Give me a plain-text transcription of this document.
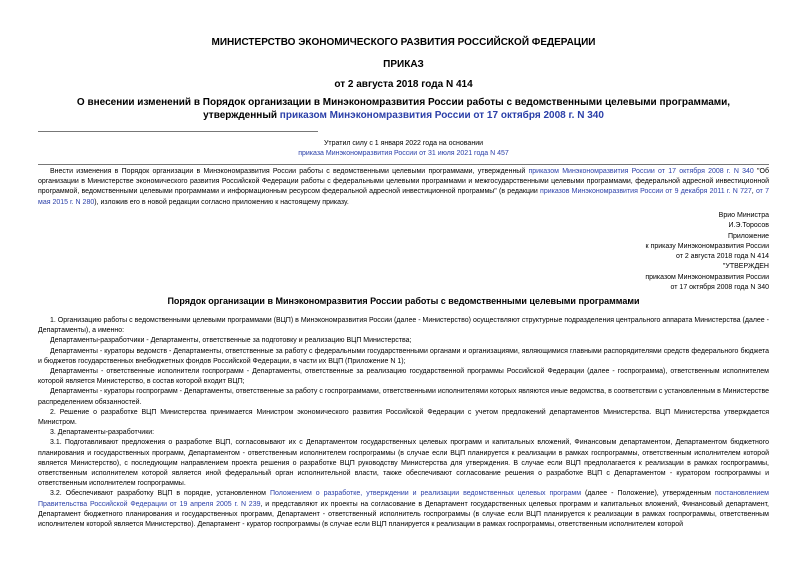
МИНИСТЕРСТВО ЭКОНОМИЧЕСКОГО РАЗВИТИЯ РОССИЙСКОЙ ФЕДЕРАЦИИ
ПРИКАЗ
от 2 августа 2018 года N 414
О внесении изменений в Порядок организации в Минэкономразвития России работы с ведомственными целевыми программами, утвержденный приказом Минэкономразвития России от 17 октября 2008 г. N 340
Утратил силу с 1 января 2022 года на основании
приказа Минэкономразвития России от 31 июля 2021 года N 457

Внести изменения в Порядок организации в Минэкономразвития России работы с ведомственными целевыми программами, утвержденный приказом Минэкономразвития России от 17 октября 2008 г. N 340 "Об организации в Министерстве экономического развития Российской Федерации работы с федеральными целевыми программами и межгосударственными целевыми программами, федеральной адресной инвестиционной программой, ведомственными целевыми программами и информационным ресурсом федеральной адресной инвестиционной программы" (в редакции приказов Минэкономразвития России от 9 декабря 2011 г. N 727, от 7 мая 2015 г. N 280), изложив его в новой редакции согласно приложению к настоящему приказу.

Врио Министра
И.Э.Торосов
Приложение
к приказу Минэкономразвития России
от 2 августа 2018 года N 414
"УТВЕРЖДЕН
приказом Минэкономразвития России
от 17 октября 2008 года N 340
Порядок организации в Минэкономразвития России работы с ведомственными целевыми программами

1. Организацию работы с ведомственными целевыми программами (ВЦП) в Минэкономразвития России (далее - Министерство) осуществляют структурные подразделения центрального аппарата Министерства (далее - Департаменты), а именно:

Департаменты-разработчики - Департаменты, ответственные за подготовку и реализацию ВЦП Министерства;

Департаменты - кураторы ведомств - Департаменты, ответственные за работу с федеральными государственными органами и организациями, являющимися главными распорядителями средств федерального бюджета и бюджетов государственных внебюджетных фондов Российской Федерации, в части их ВЦП (Приложение N 1);

Департаменты - ответственные исполнители госпрограмм - Департаменты, ответственные за реализацию государственной программы Российской Федерации (далее - госпрограмма), ответственным исполнителем которой является Министерство, в состав которой входит ВЦП;

Департаменты - кураторы госпрограмм - Департаменты, ответственные за работу с госпрограммами, ответственными исполнителями которых являются иные ведомства, в соответствии с установленным в Министерстве распределением обязанностей.

2. Решение о разработке ВЦП Министерства принимается Министром экономического развития Российской Федерации с учетом предложений департаментов Министерства. ВЦП Министерства утверждается Министром.

3. Департаменты-разработчики:

3.1. Подготавливают предложения о разработке ВЦП, согласовывают их с Департаментом государственных целевых программ и капитальных вложений, Финансовым департаментом, Департаментом бюджетного планирования и государственных программ, Департаментом - ответственным исполнителем госпрограммы (в случае если ВЦП планируется к реализации в рамках госпрограммы, ответственным исполнителем которой является Министерство), с последующим направлением проекта решения о разработке ВЦП руководству Министерства для утверждения. В случае если ВЦП предполагается к реализации в рамках госпрограммы, ответственным исполнителем которой является иной федеральный орган исполнительной власти, также обеспечивают согласование решения о разработке ВЦП с Департаментом - куратором госпрограммы и ответственным исполнителем госпрограммы.

3.2. Обеспечивают разработку ВЦП в порядке, установленном Положением о разработке, утверждении и реализации ведомственных целевых программ (далее - Положение), утвержденным постановлением Правительства Российской Федерации от 19 апреля 2005 г. N 239, и представляют их проекты на согласование в Департамент государственных целевых программ и капитальных вложений, Финансовый департамент, Департамент бюджетного планирования и государственных программ, Департамент - ответственный исполнитель госпрограммы (в случае если ВЦП планируется к реализации в рамках госпрограммы, ответственным исполнителем которой является Министерство). Департамент - куратор госпрограммы (в случае если ВЦП планируется к реализации в рамках госпрограммы, ответственным исполнителем которой
